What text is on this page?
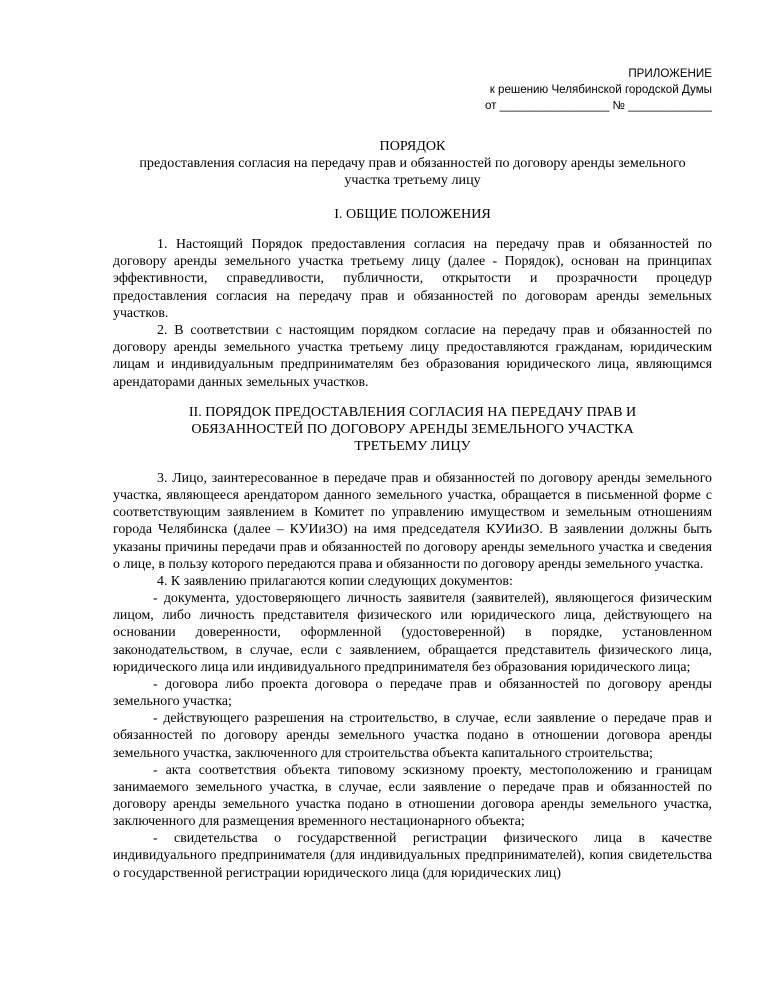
ПРИЛОЖЕНИЕ
к решению Челябинской городской Думы
от _________________ № _____________
ПОРЯДОК
предоставления согласия на передачу прав и обязанностей по договору аренды земельного участка третьему лицу
I. ОБЩИЕ ПОЛОЖЕНИЯ

1. Настоящий Порядок предоставления согласия на передачу прав и обязанностей по договору аренды земельного участка третьему лицу (далее - Порядок), основан на принципах эффективности, справедливости, публичности, открытости и прозрачности процедур предоставления согласия на передачу прав и обязанностей по договорам аренды земельных участков.

2. В соответствии с настоящим порядком согласие на передачу прав и обязанностей по договору аренды земельного участка третьему лицу предоставляются гражданам, юридическим лицам и индивидуальным предпринимателям без образования юридического лица, являющимся арендаторами данных земельных участков.

II. ПОРЯДОК ПРЕДОСТАВЛЕНИЯ СОГЛАСИЯ НА ПЕРЕДАЧУ ПРАВ И
ОБЯЗАННОСТЕЙ ПО ДОГОВОРУ АРЕНДЫ ЗЕМЕЛЬНОГО УЧАСТКА
ТРЕТЬЕМУ ЛИЦУ

3. Лицо, заинтересованное в передаче прав и обязанностей по договору аренды земельного участка, являющееся арендатором данного земельного участка, обращается в письменной форме с соответствующим заявлением в Комитет по управлению имуществом и земельным отношениям города Челябинска (далее – КУИиЗО) на имя председателя КУИиЗО. В заявлении должны быть указаны причины передачи прав и обязанностей по договору аренды земельного участка и сведения о лице, в пользу которого передаются права и обязанности по договору аренды земельного участка.

4. К заявлению прилагаются копии следующих документов:

- документа, удостоверяющего личность заявителя (заявителей), являющегося физическим лицом, либо личность представителя физического или юридического лица, действующего на основании доверенности, оформленной (удостоверенной) в порядке, установленном законодательством, в случае, если с заявлением, обращается представитель физического лица, юридического лица или индивидуального предпринимателя без образования юридического лица;

- договора либо проекта договора о передаче прав и обязанностей по договору аренды земельного участка;

- действующего разрешения на строительство, в случае, если заявление о передаче прав и обязанностей по договору аренды земельного участка подано в отношении договора аренды земельного участка, заключенного для строительства объекта капитального строительства;

- акта соответствия объекта типовому эскизному проекту, местоположению и границам занимаемого земельного участка, в случае, если заявление о передаче прав и обязанностей по договору аренды земельного участка подано в отношении договора аренды земельного участка, заключенного для размещения временного нестационарного объекта;

- свидетельства о государственной регистрации физического лица в качестве индивидуального предпринимателя (для индивидуальных предпринимателей), копия свидетельства о государственной регистрации юридического лица (для юридических лиц)
